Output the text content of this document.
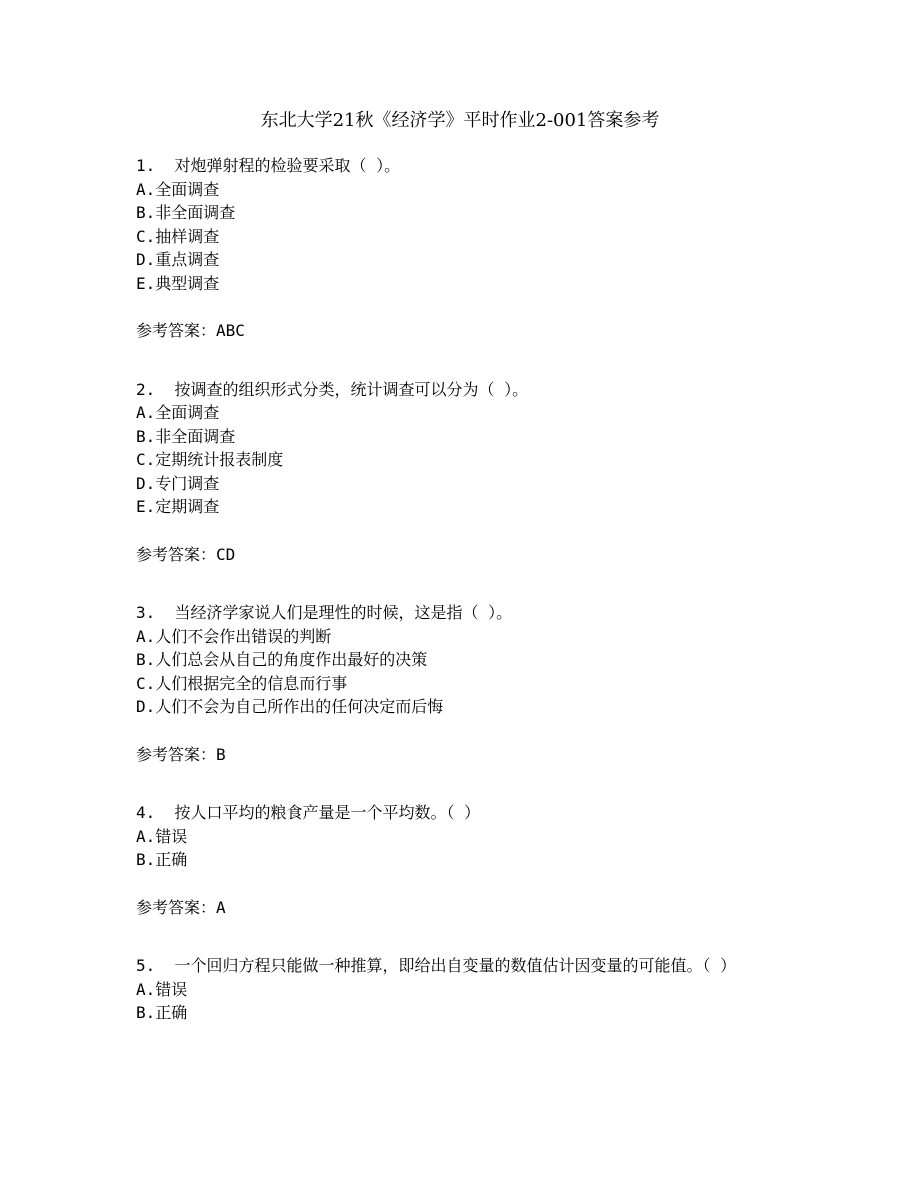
东北大学21秋《经济学》平时作业2-001答案参考
1. 对炮弹射程的检验要采取（ ）。
A.全面调查
B.非全面调查
C.抽样调查
D.重点调查
E.典型调查
参考答案：ABC
2. 按调查的组织形式分类，统计调查可以分为（ ）。
A.全面调查
B.非全面调查
C.定期统计报表制度
D.专门调查
E.定期调查
参考答案：CD
3. 当经济学家说人们是理性的时候，这是指（ ）。
A.人们不会作出错误的判断
B.人们总会从自己的角度作出最好的决策
C.人们根据完全的信息而行事
D.人们不会为自己所作出的任何决定而后悔
参考答案：B
4. 按人口平均的粮食产量是一个平均数。（ ）
A.错误
B.正确
参考答案：A
5. 一个回归方程只能做一种推算，即给出自变量的数值估计因变量的可能值。（ ）
A.错误
B.正确
